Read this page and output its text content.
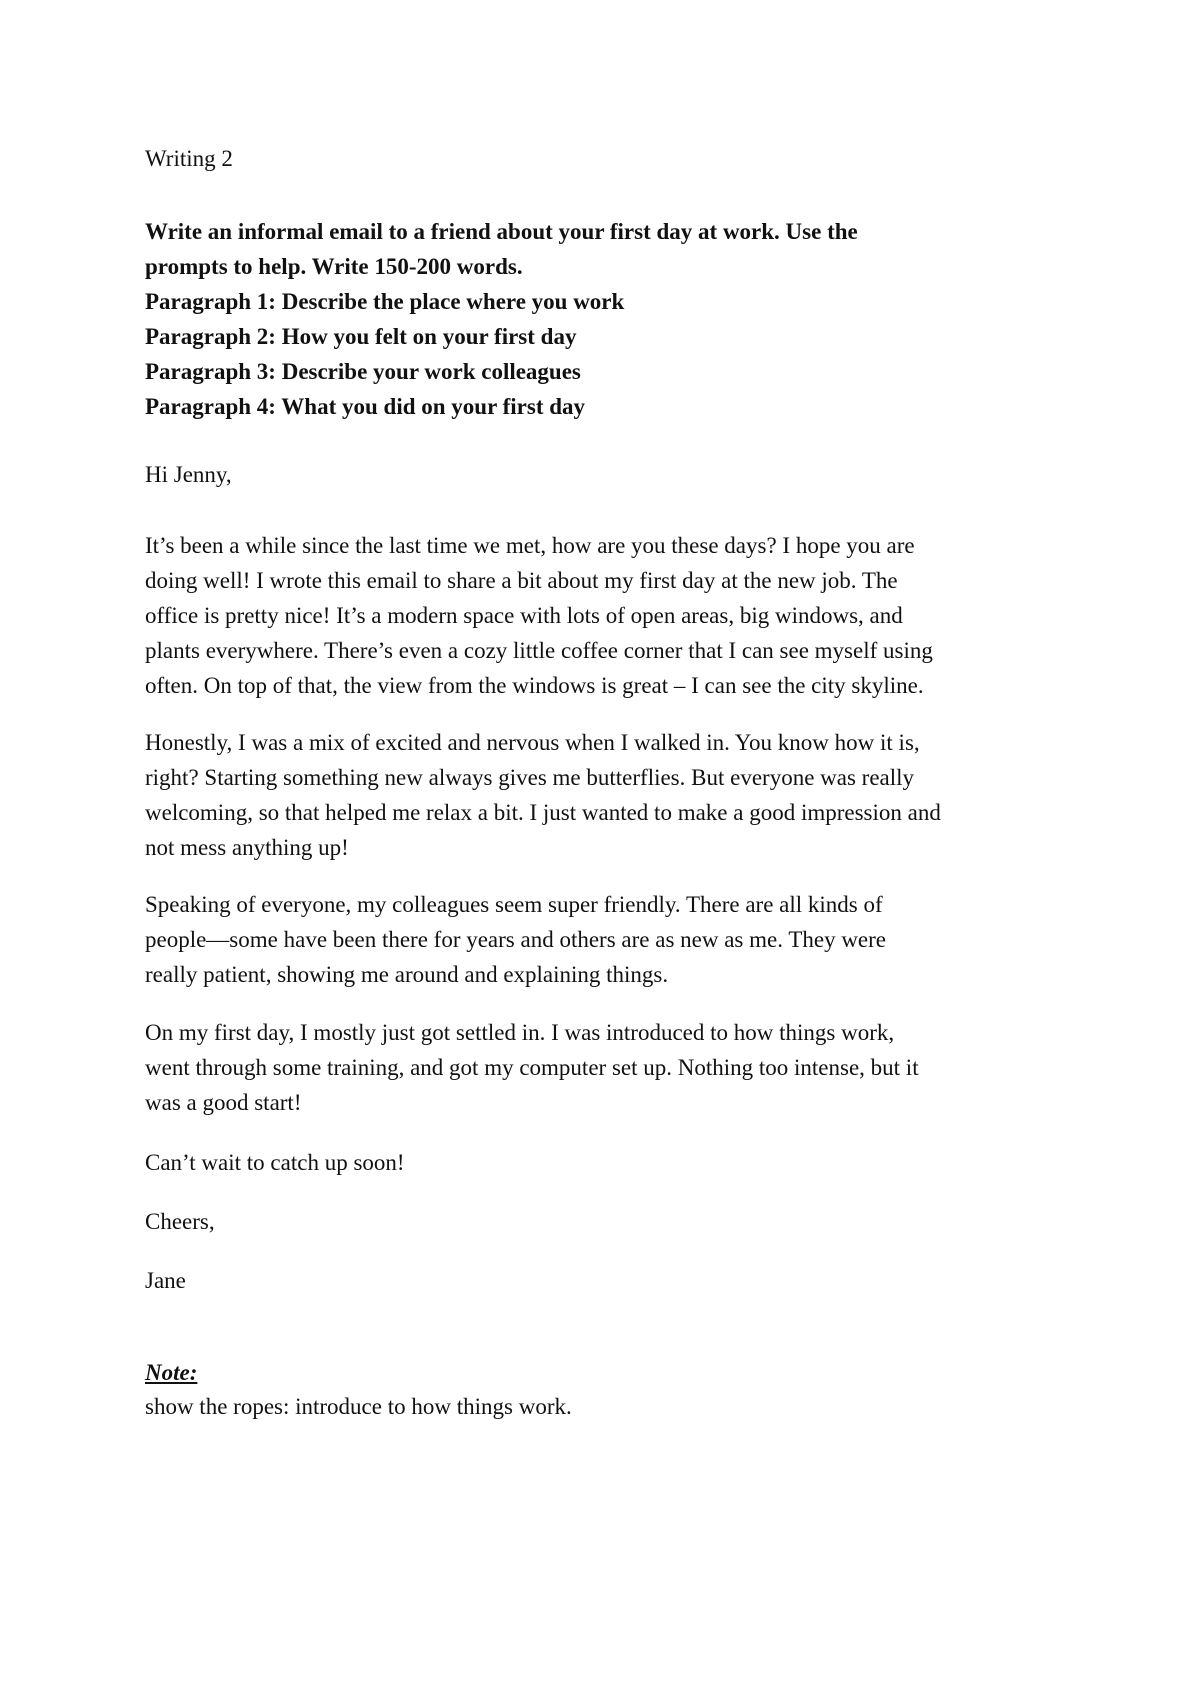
Writing 2
Write an informal email to a friend about your first day at work. Use the
prompts to help. Write 150-200 words.
Paragraph 1: Describe the place where you work
Paragraph 2: How you felt on your first day
Paragraph 3: Describe your work colleagues
Paragraph 4: What you did on your first day
Hi Jenny,
It’s been a while since the last time we met, how are you these days? I hope you are
doing well! I wrote this email to share a bit about my first day at the new job. The
office is pretty nice! It’s a modern space with lots of open areas, big windows, and
plants everywhere. There’s even a cozy little coffee corner that I can see myself using
often. On top of that, the view from the windows is great – I can see the city skyline.
Honestly, I was a mix of excited and nervous when I walked in. You know how it is,
right? Starting something new always gives me butterflies. But everyone was really
welcoming, so that helped me relax a bit. I just wanted to make a good impression and
not mess anything up!
Speaking of everyone, my colleagues seem super friendly. There are all kinds of
people—some have been there for years and others are as new as me. They were
really patient, showing me around and explaining things.
On my first day, I mostly just got settled in. I was introduced to how things work,
went through some training, and got my computer set up. Nothing too intense, but it
was a good start!
Can’t wait to catch up soon!
Cheers,
Jane
Note:
show the ropes: introduce to how things work.
